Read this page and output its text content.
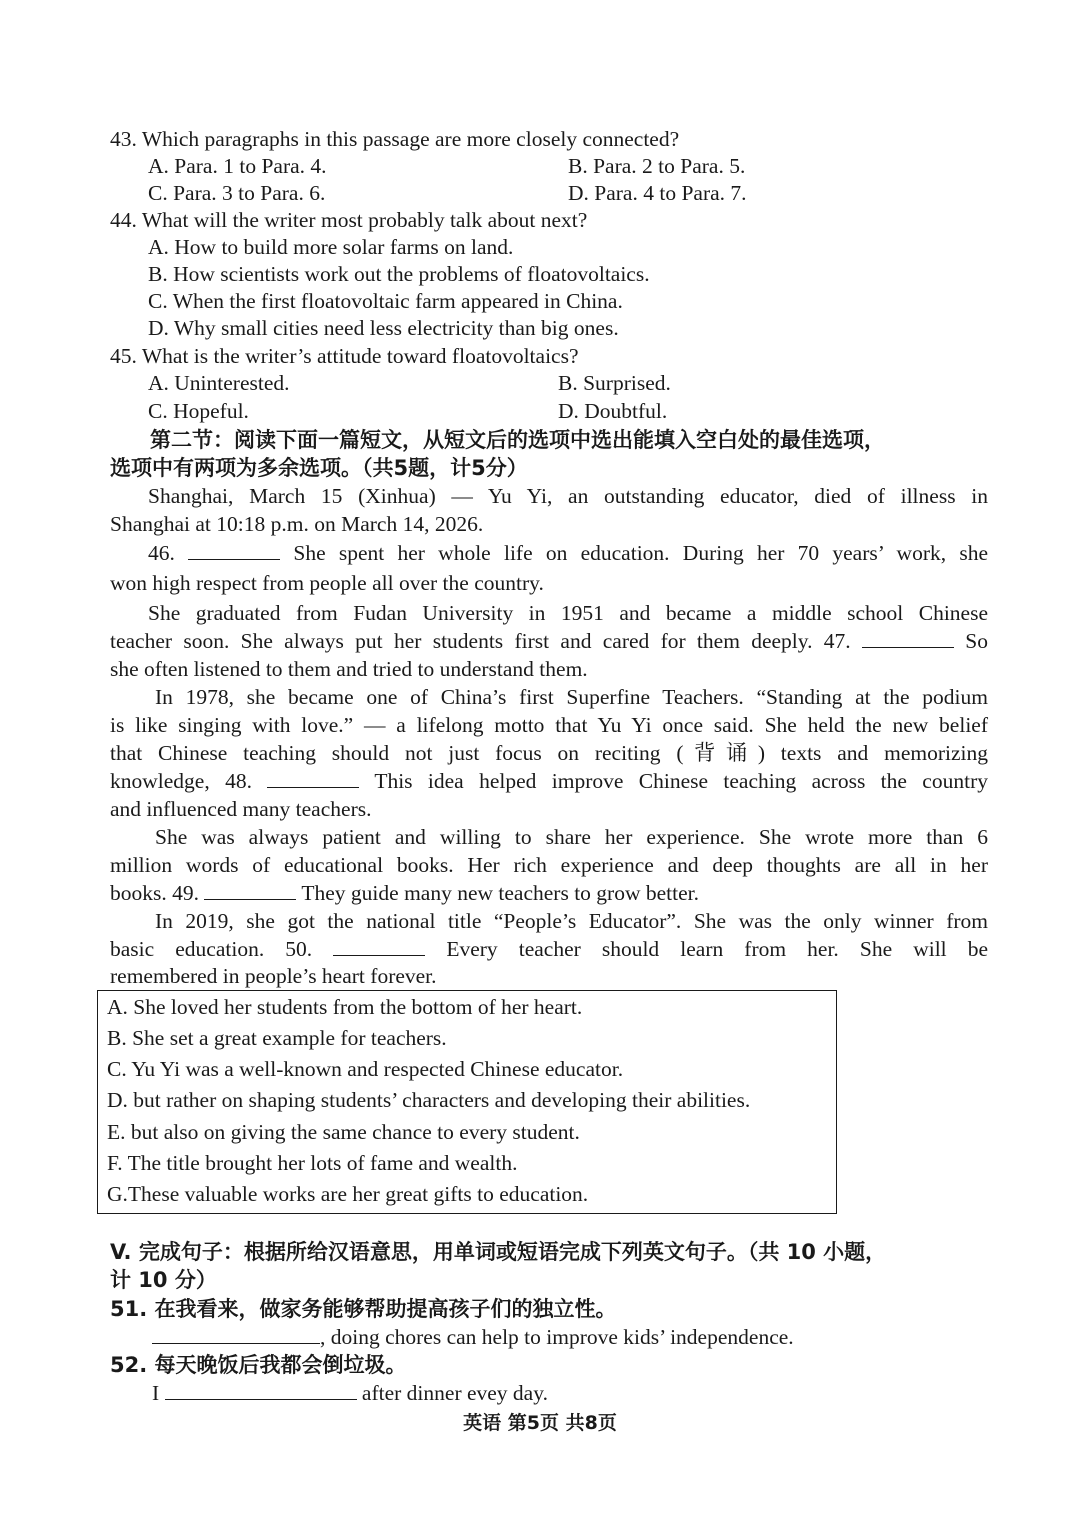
43. Which paragraphs in this passage are more closely connected?
A. Para. 1 to Para. 4.	B. Para. 2 to Para. 5.
C. Para. 3 to Para. 6.	D. Para. 4 to Para. 7.
44. What will the writer most probably talk about next?
A. How to build more solar farms on land.
B. How scientists work out the problems of floatovoltaics.
C. When the first floatovoltaic farm appeared in China.
D. Why small cities need less electricity than big ones.
45. What is the writer’s attitude toward floatovoltaics?
A. Uninterested.	B. Surprised.
C. Hopeful.	D. Doubtful.
第二节：阅读下面一篇短文，从短文后的选项中选出能填入空白处的最佳选项，
选项中有两项为多余选项。（共5题，计5分）
Shanghai, March 15 (Xinhua) — Yu Yi, an outstanding educator, died of illness in
Shanghai at 10:18 p.m. on March 14, 2026.
46.	She spent her whole life on education. During her 70 years’ work, she
won high respect from people all over the country.
She graduated from Fudan University in 1951 and became a middle school Chinese
teacher soon. She always put her students first and cared for them deeply. 47.	So
she often listened to them and tried to understand them.
In 1978, she became one of China’s first Superfine Teachers. “Standing at the podium
is like singing with love.” — a lifelong motto that Yu Yi once said. She held the new belief
that Chinese teaching should not just focus on reciting (背诵) texts and memorizing
knowledge, 48.	This idea helped improve Chinese teaching across the country
and influenced many teachers.
She was always patient and willing to share her experience. She wrote more than 6
million words of educational books. Her rich experience and deep thoughts are all in her
books. 49.	They guide many new teachers to grow better.
In 2019, she got the national title “People’s Educator”. She was the only winner from
basic education. 50.	Every teacher should learn from her. She will be
remembered in people’s heart forever.
A. She loved her students from the bottom of her heart.
B. She set a great example for teachers.
C. Yu Yi was a well-known and respected Chinese educator.
D. but rather on shaping students’ characters and developing their abilities.
E. but also on giving the same chance to every student.
F. The title brought her lots of fame and wealth.
G.These valuable works are her great gifts to education.
V. 完成句子：根据所给汉语意思，用单词或短语完成下列英文句子。（共 10 小题，
计 10 分）
51. 在我看来，做家务能够帮助提高孩子们的独立性。
, doing chores can help to improve kids’ independence.
52. 每天晚饭后我都会倒垃圾。
I	after dinner evey day.
英语 第5页 共8页
